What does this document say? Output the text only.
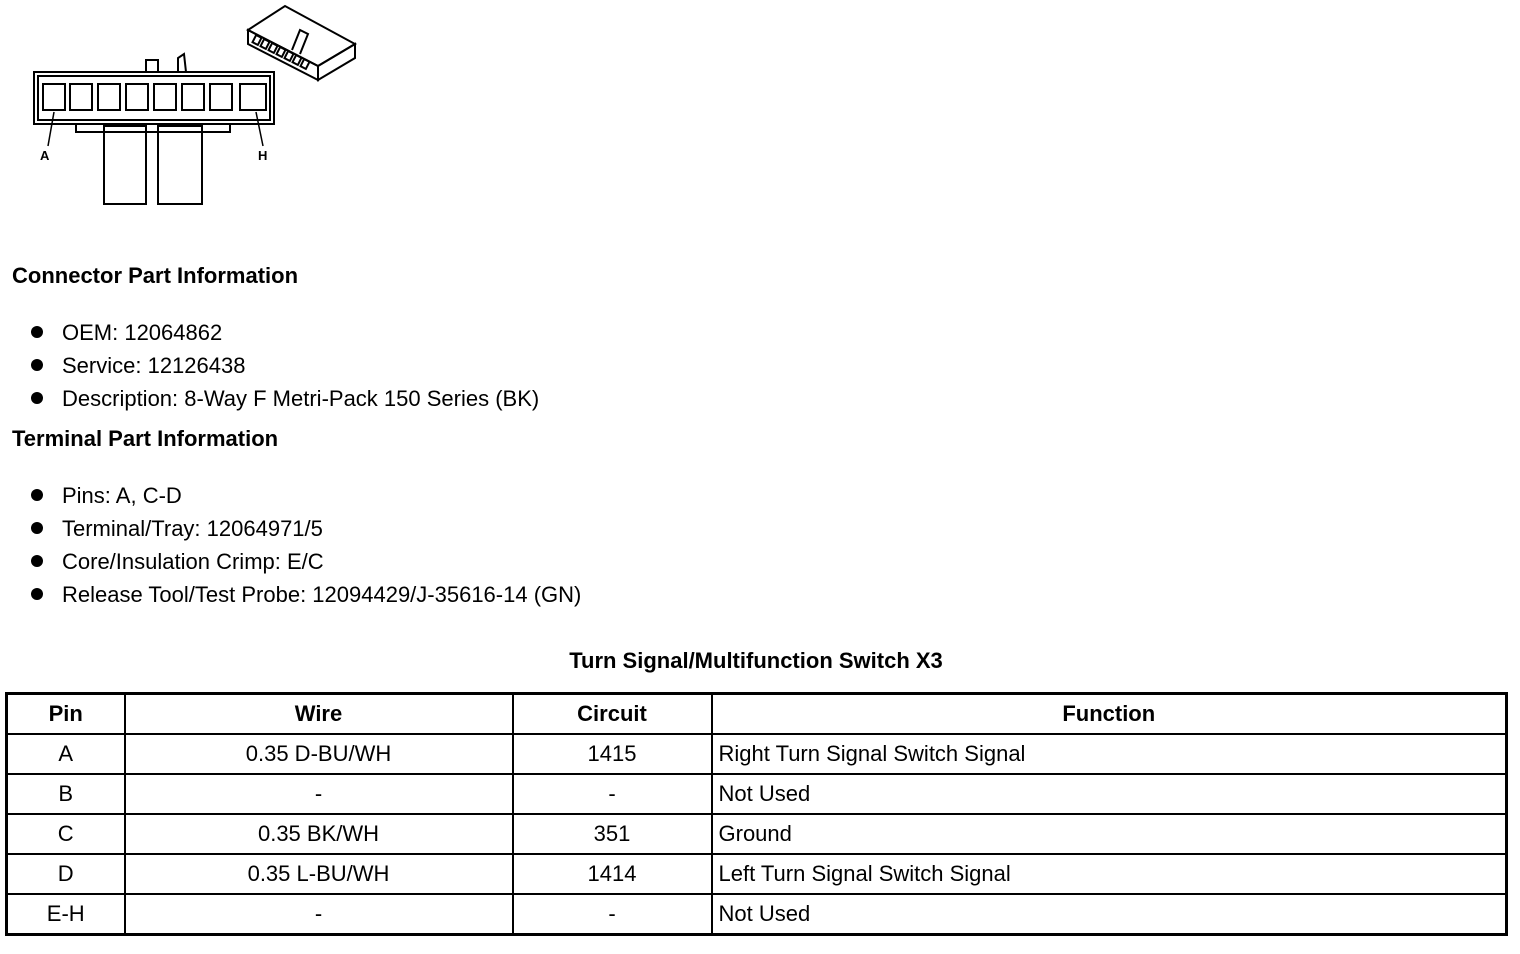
A	H
Connector Part Information
OEM: 12064862
Service: 12126438
Description: 8-Way F Metri-Pack 150 Series (BK)
Terminal Part Information
Pins: A, C-D
Terminal/Tray: 12064971/5
Core/Insulation Crimp: E/C
Release Tool/Test Probe: 12094429/J-35616-14 (GN)
Turn Signal/Multifunction Switch X3
Pin	Wire	Circuit	Function
A	0.35 D-BU/WH	1415	Right Turn Signal Switch Signal
B	-	-	Not Used
C	0.35 BK/WH	351	Ground
D	0.35 L-BU/WH	1414	Left Turn Signal Switch Signal
E-H	-	-	Not Used
